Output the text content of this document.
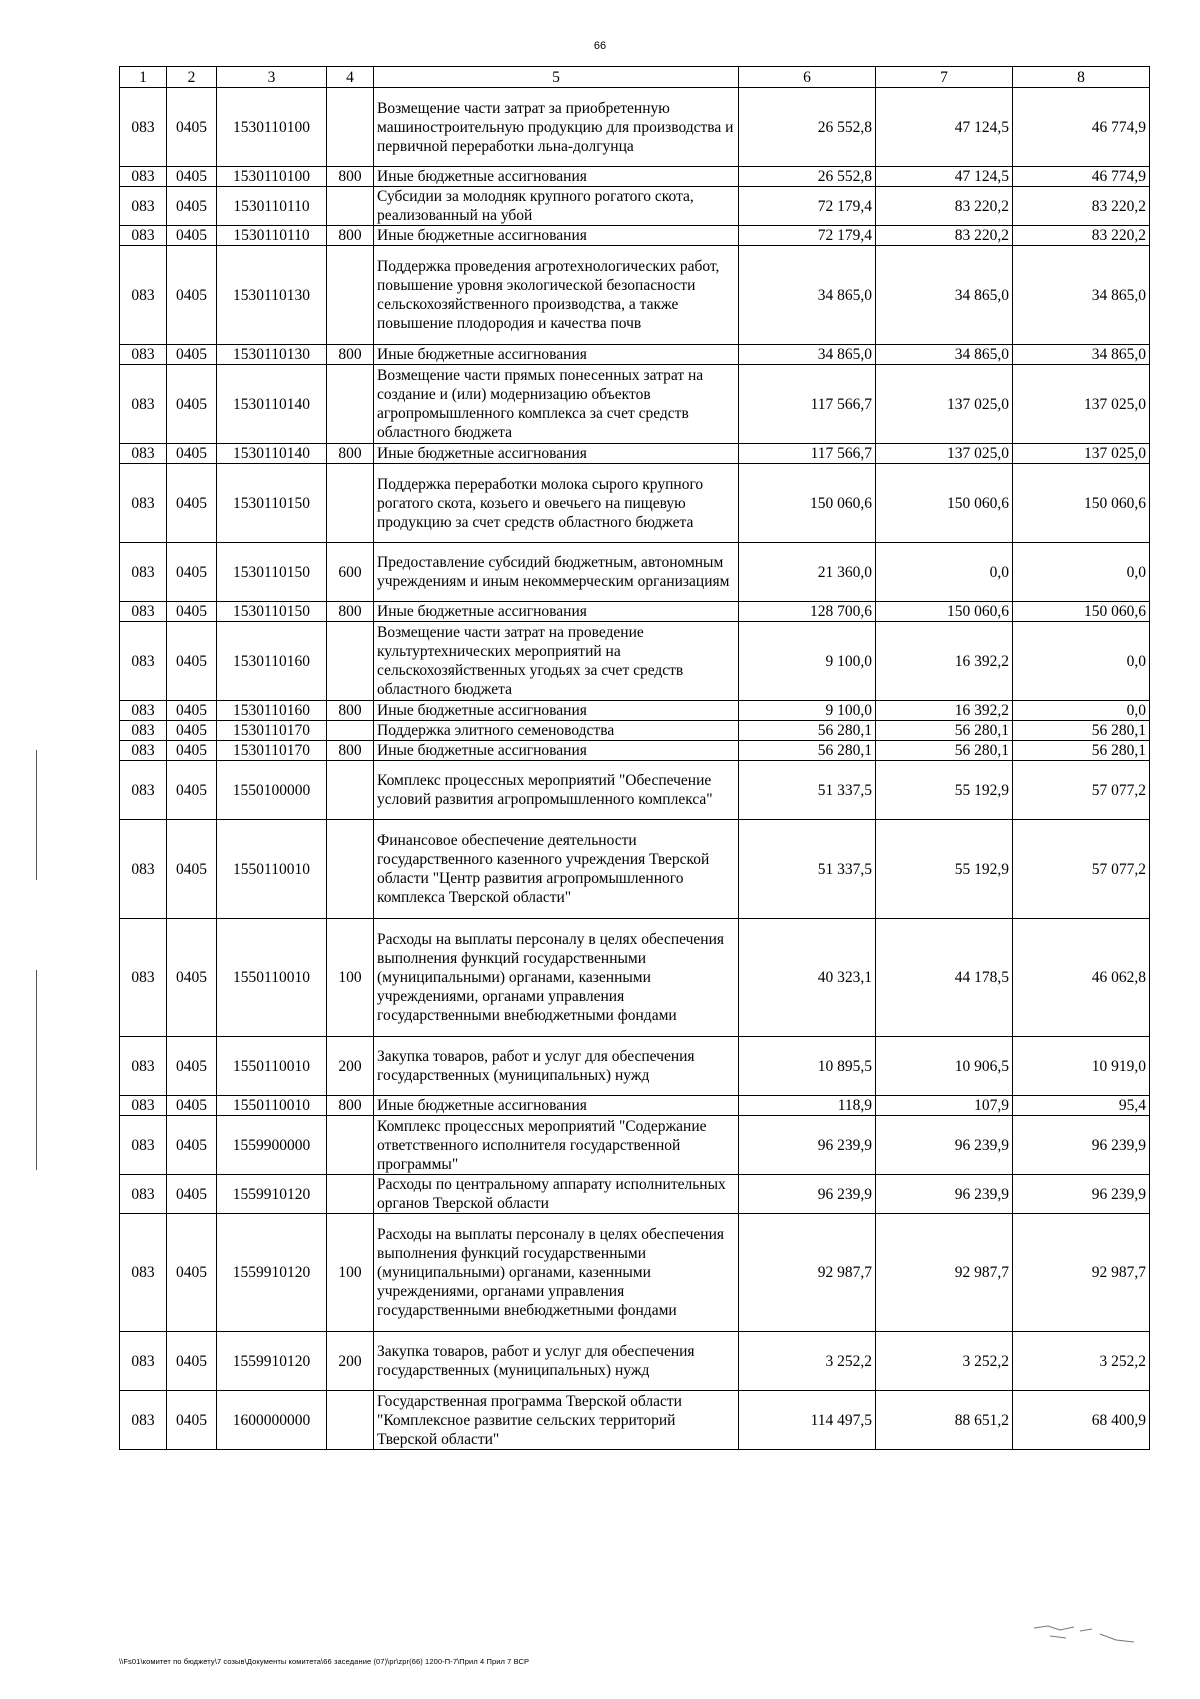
66
1	2	3	4	5	6	7	8
083	0405	1530110100		Возмещение части затрат за приобретенную машиностроительную продукцию для производства и первичной переработки льна-долгунца	26 552,8	47 124,5	46 774,9
083	0405	1530110100	800	Иные бюджетные ассигнования	26 552,8	47 124,5	46 774,9
083	0405	1530110110		Субсидии за молодняк крупного рогатого скота, реализованный на убой	72 179,4	83 220,2	83 220,2
083	0405	1530110110	800	Иные бюджетные ассигнования	72 179,4	83 220,2	83 220,2
083	0405	1530110130		Поддержка проведения агротехнологических работ, повышение уровня экологической безопасности сельскохозяйственного производства, а также повышение плодородия и качества почв	34 865,0	34 865,0	34 865,0
083	0405	1530110130	800	Иные бюджетные ассигнования	34 865,0	34 865,0	34 865,0
083	0405	1530110140		Возмещение части прямых понесенных затрат на создание и (или) модернизацию объектов агропромышленного комплекса за счет средств областного бюджета	117 566,7	137 025,0	137 025,0
083	0405	1530110140	800	Иные бюджетные ассигнования	117 566,7	137 025,0	137 025,0
083	0405	1530110150		Поддержка переработки молока сырого крупного рогатого скота, козьего и овечьего на пищевую продукцию за счет средств областного бюджета	150 060,6	150 060,6	150 060,6
083	0405	1530110150	600	Предоставление субсидий бюджетным, автономным учреждениям и иным некоммерческим организациям	21 360,0	0,0	0,0
083	0405	1530110150	800	Иные бюджетные ассигнования	128 700,6	150 060,6	150 060,6
083	0405	1530110160		Возмещение части затрат на проведение культуртехнических мероприятий на сельскохозяйственных угодьях за счет средств областного бюджета	9 100,0	16 392,2	0,0
083	0405	1530110160	800	Иные бюджетные ассигнования	9 100,0	16 392,2	0,0
083	0405	1530110170		Поддержка элитного семеноводства	56 280,1	56 280,1	56 280,1
083	0405	1530110170	800	Иные бюджетные ассигнования	56 280,1	56 280,1	56 280,1
083	0405	1550100000		Комплекс процессных мероприятий "Обеспечение условий развития агропромышленного комплекса"	51 337,5	55 192,9	57 077,2
083	0405	1550110010		Финансовое обеспечение деятельности государственного казенного учреждения Тверской области "Центр развития агропромышленного комплекса Тверской области"	51 337,5	55 192,9	57 077,2
083	0405	1550110010	100	Расходы на выплаты персоналу в целях обеспечения выполнения функций государственными (муниципальными) органами, казенными учреждениями, органами управления государственными внебюджетными фондами	40 323,1	44 178,5	46 062,8
083	0405	1550110010	200	Закупка товаров, работ и услуг для обеспечения государственных (муниципальных) нужд	10 895,5	10 906,5	10 919,0
083	0405	1550110010	800	Иные бюджетные ассигнования	118,9	107,9	95,4
083	0405	1559900000		Комплекс процессных мероприятий "Содержание ответственного исполнителя государственной программы"	96 239,9	96 239,9	96 239,9
083	0405	1559910120		Расходы по центральному аппарату исполнительных органов Тверской области	96 239,9	96 239,9	96 239,9
083	0405	1559910120	100	Расходы на выплаты персоналу в целях обеспечения выполнения функций государственными (муниципальными) органами, казенными учреждениями, органами управления государственными внебюджетными фондами	92 987,7	92 987,7	92 987,7
083	0405	1559910120	200	Закупка товаров, работ и услуг для обеспечения государственных (муниципальных) нужд	3 252,2	3 252,2	3 252,2
083	0405	1600000000		Государственная программа Тверской области "Комплексное развитие сельских территорий Тверской области"	114 497,5	88 651,2	68 400,9
\\Fs01\комитет по бюджету\7 созыв\Документы комитета\66 заседание (07)\pr\zpr(66) 1200-П-7\Прил 4 Прил 7 ВСР
